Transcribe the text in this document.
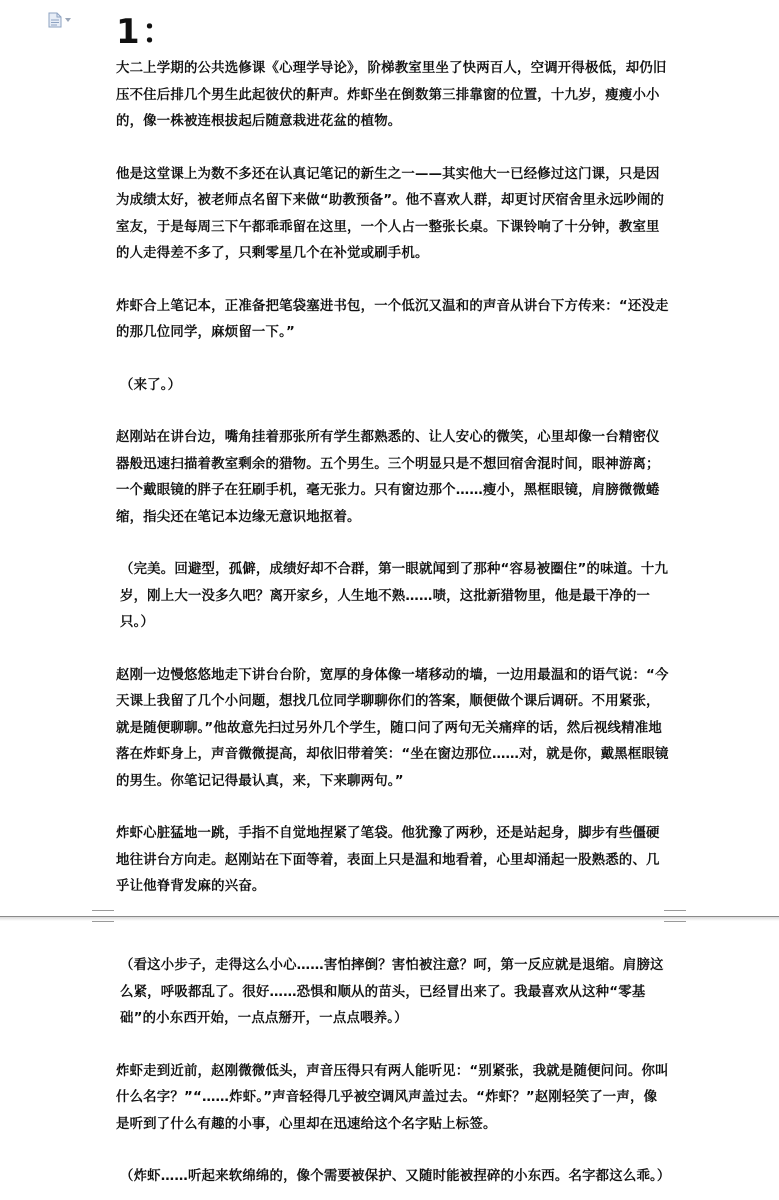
1：

大二上学期的公共选修课《心理学导论》，阶梯教室里坐了快两百人，空调开得极低，却仍旧压不住后排几个男生此起彼伏的鼾声。炸虾坐在倒数第三排靠窗的位置，十九岁，瘦瘦小小的，像一株被连根拔起后随意栽进花盆的植物。

他是这堂课上为数不多还在认真记笔记的新生之一——其实他大一已经修过这门课，只是因为成绩太好，被老师点名留下来做“助教预备”。他不喜欢人群，却更讨厌宿舍里永远吵闹的室友，于是每周三下午都乖乖留在这里，一个人占一整张长桌。下课铃响了十分钟，教室里的人走得差不多了，只剩零星几个在补觉或刷手机。

炸虾合上笔记本，正准备把笔袋塞进书包，一个低沉又温和的声音从讲台下方传来：“还没走的那几位同学，麻烦留一下。”

（来了。）

赵刚站在讲台边，嘴角挂着那张所有学生都熟悉的、让人安心的微笑，心里却像一台精密仪器般迅速扫描着教室剩余的猎物。五个男生。三个明显只是不想回宿舍混时间，眼神游离；一个戴眼镜的胖子在狂刷手机，毫无张力。只有窗边那个……瘦小，黑框眼镜，肩膀微微蜷缩，指尖还在笔记本边缘无意识地抠着。

（完美。回避型，孤僻，成绩好却不合群，第一眼就闻到了那种“容易被圈住”的味道。十九岁，刚上大一没多久吧？离开家乡，人生地不熟……啧，这批新猎物里，他是最干净的一只。）

赵刚一边慢悠悠地走下讲台台阶，宽厚的身体像一堵移动的墙，一边用最温和的语气说：“今天课上我留了几个小问题，想找几位同学聊聊你们的答案，顺便做个课后调研。不用紧张，就是随便聊聊。”他故意先扫过另外几个学生，随口问了两句无关痛痒的话，然后视线精准地落在炸虾身上，声音微微提高，却依旧带着笑：“坐在窗边那位……对，就是你，戴黑框眼镜的男生。你笔记记得最认真，来，下来聊两句。”

炸虾心脏猛地一跳，手指不自觉地捏紧了笔袋。他犹豫了两秒，还是站起身，脚步有些僵硬地往讲台方向走。赵刚站在下面等着，表面上只是温和地看着，心里却涌起一股熟悉的、几乎让他脊背发麻的兴奋。

（看这小步子，走得这么小心……害怕摔倒？害怕被注意？呵，第一反应就是退缩。肩膀这么紧，呼吸都乱了。很好……恐惧和顺从的苗头，已经冒出来了。我最喜欢从这种“零基础”的小东西开始，一点点掰开，一点点喂养。）

炸虾走到近前，赵刚微微低头，声音压得只有两人能听见：“别紧张，我就是随便问问。你叫什么名字？”“……炸虾。”声音轻得几乎被空调风声盖过去。“炸虾？”赵刚轻笑了一声，像是听到了什么有趣的小事，心里却在迅速给这个名字贴上标签。

（炸虾……听起来软绵绵的，像个需要被保护、又随时能被捏碎的小东西。名字都这么乖。）
